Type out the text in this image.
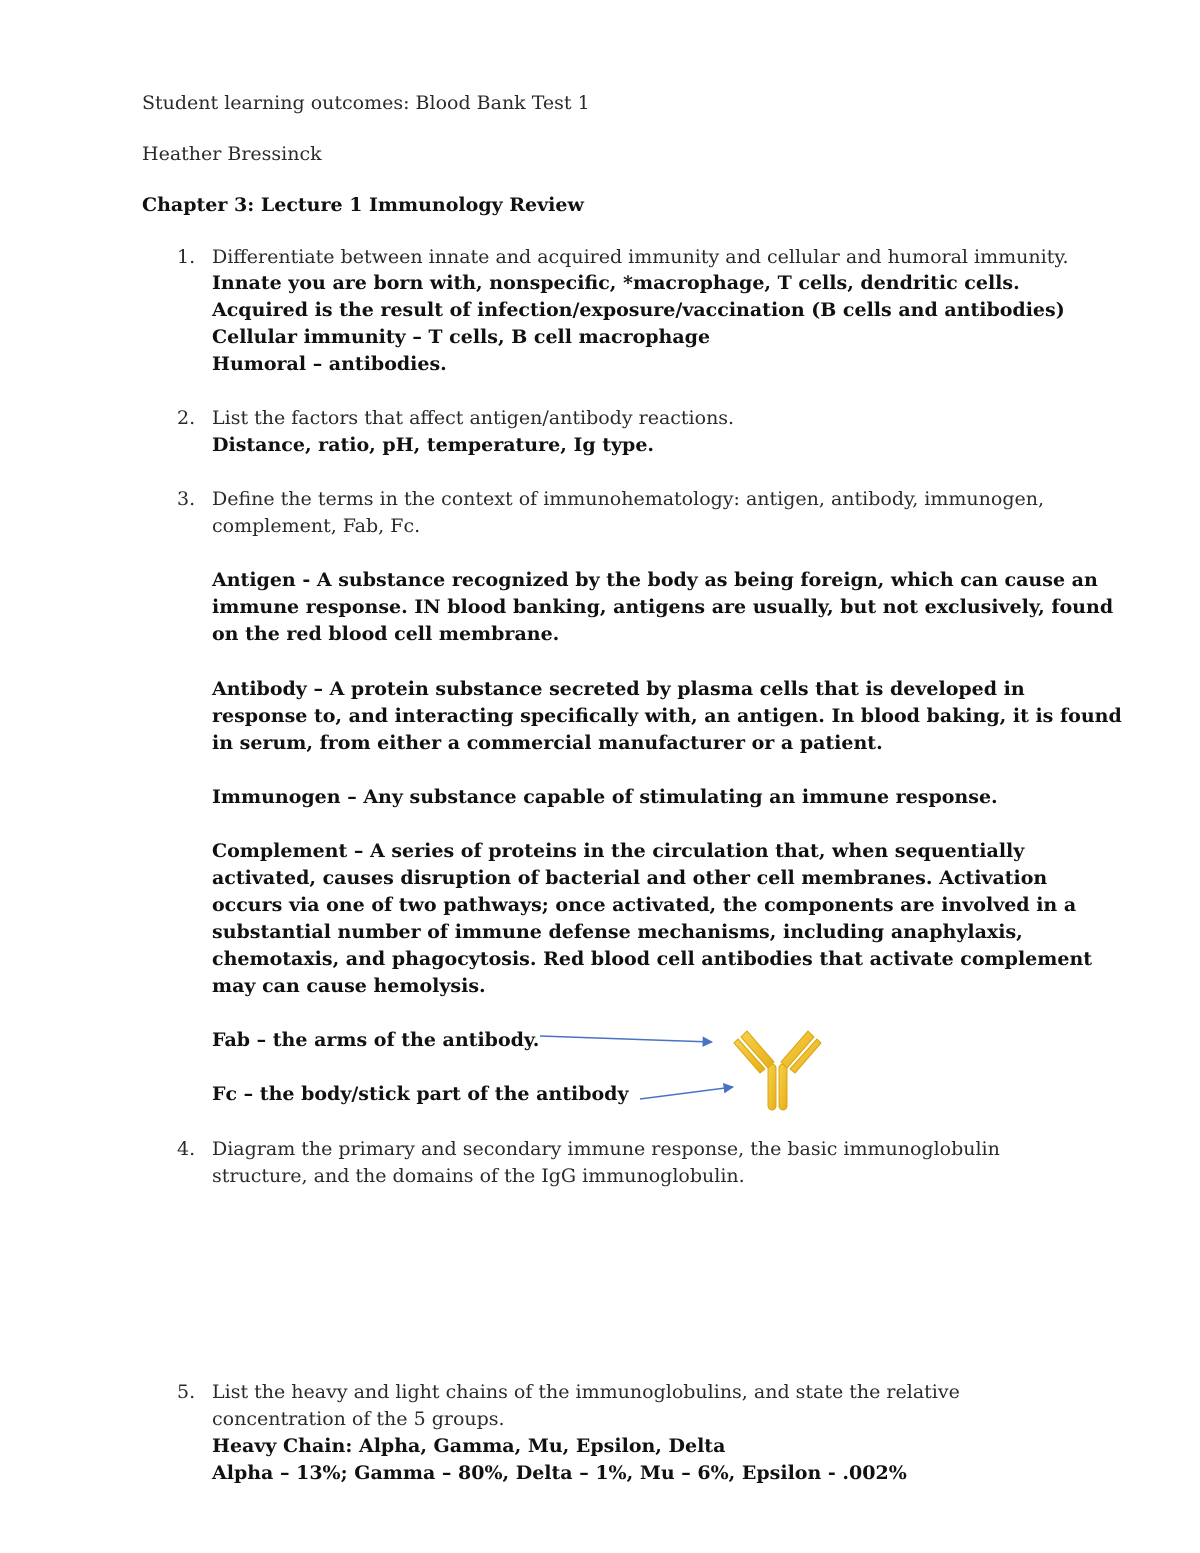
Student learning outcomes: Blood Bank Test 1
Heather Bressinck
Chapter 3: Lecture 1 Immunology Review
1. Differentiate between innate and acquired immunity and cellular and humoral immunity.
Innate you are born with, nonspecific, *macrophage, T cells, dendritic cells.
Acquired is the result of infection/exposure/vaccination (B cells and antibodies)
Cellular immunity – T cells, B cell macrophage
Humoral – antibodies.
2. List the factors that affect antigen/antibody reactions.
Distance, ratio, pH, temperature, Ig type.
3. Define the terms in the context of immunohematology: antigen, antibody, immunogen,
complement, Fab, Fc.
Antigen - A substance recognized by the body as being foreign, which can cause an
immune response. IN blood banking, antigens are usually, but not exclusively, found
on the red blood cell membrane.
Antibody – A protein substance secreted by plasma cells that is developed in
response to, and interacting specifically with, an antigen. In blood baking, it is found
in serum, from either a commercial manufacturer or a patient.
Immunogen – Any substance capable of stimulating an immune response.
Complement – A series of proteins in the circulation that, when sequentially
activated, causes disruption of bacterial and other cell membranes. Activation
occurs via one of two pathways; once activated, the components are involved in a
substantial number of immune defense mechanisms, including anaphylaxis,
chemotaxis, and phagocytosis. Red blood cell antibodies that activate complement
may can cause hemolysis.
Fab – the arms of the antibody.
Fc – the body/stick part of the antibody
4. Diagram the primary and secondary immune response, the basic immunoglobulin
structure, and the domains of the IgG immunoglobulin.
5. List the heavy and light chains of the immunoglobulins, and state the relative
concentration of the 5 groups.
Heavy Chain: Alpha, Gamma, Mu, Epsilon, Delta
Alpha – 13%; Gamma – 80%, Delta – 1%, Mu – 6%, Epsilon - .002%
